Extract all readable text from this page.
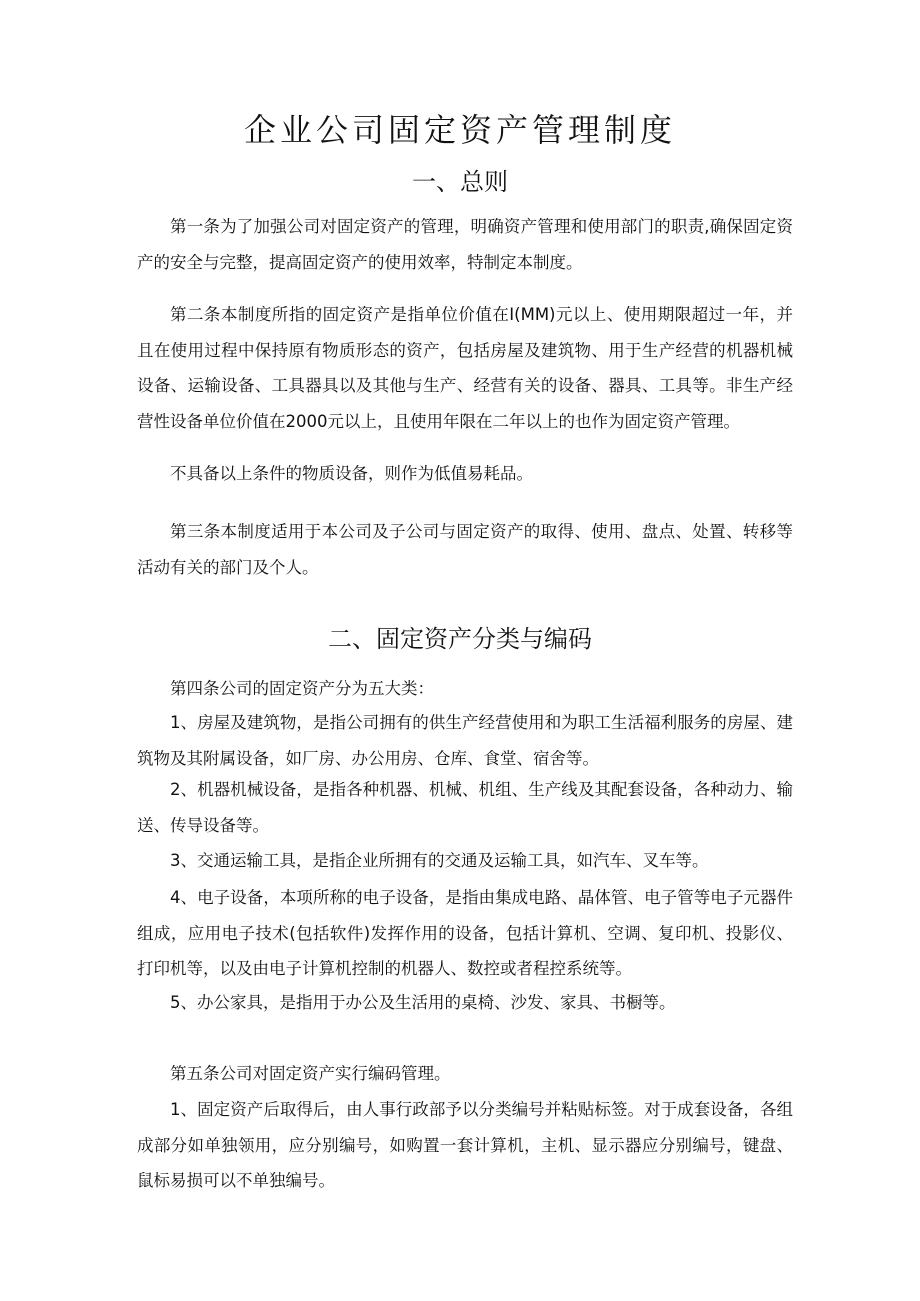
企业公司固定资产管理制度
一、总则

第一条为了加强公司对固定资产的管理，明确资产管理和使用部门的职责,确保固定资产的安全与完整，提高固定资产的使用效率，特制定本制度。

第二条本制度所指的固定资产是指单位价值在I(MM)元以上、使用期限超过一年，并且在使用过程中保持原有物质形态的资产，包括房屋及建筑物、用于生产经营的机器机械设备、运输设备、工具器具以及其他与生产、经营有关的设备、器具、工具等。非生产经营性设备单位价值在2000元以上，且使用年限在二年以上的也作为固定资产管理。

不具备以上条件的物质设备，则作为低值易耗品。

第三条本制度适用于本公司及子公司与固定资产的取得、使用、盘点、处置、转移等活动有关的部门及个人。

二、固定资产分类与编码

第四条公司的固定资产分为五大类：

1、房屋及建筑物，是指公司拥有的供生产经营使用和为职工生活福利服务的房屋、建筑物及其附属设备，如厂房、办公用房、仓库、食堂、宿舍等。

2、机器机械设备，是指各种机器、机械、机组、生产线及其配套设备，各种动力、输送、传导设备等。

3、交通运输工具，是指企业所拥有的交通及运输工具，如汽车、叉车等。

4、电子设备，本项所称的电子设备，是指由集成电路、晶体管、电子管等电子元器件组成，应用电子技术(包括软件)发挥作用的设备，包括计算机、空调、复印机、投影仪、打印机等，以及由电子计算机控制的机器人、数控或者程控系统等。

5、办公家具，是指用于办公及生活用的桌椅、沙发、家具、书橱等。

第五条公司对固定资产实行编码管理。

1、固定资产后取得后，由人事行政部予以分类编号并粘贴标签。对于成套设备，各组成部分如单独领用，应分别编号，如购置一套计算机，主机、显示器应分别编号，键盘、鼠标易损可以不单独编号。
